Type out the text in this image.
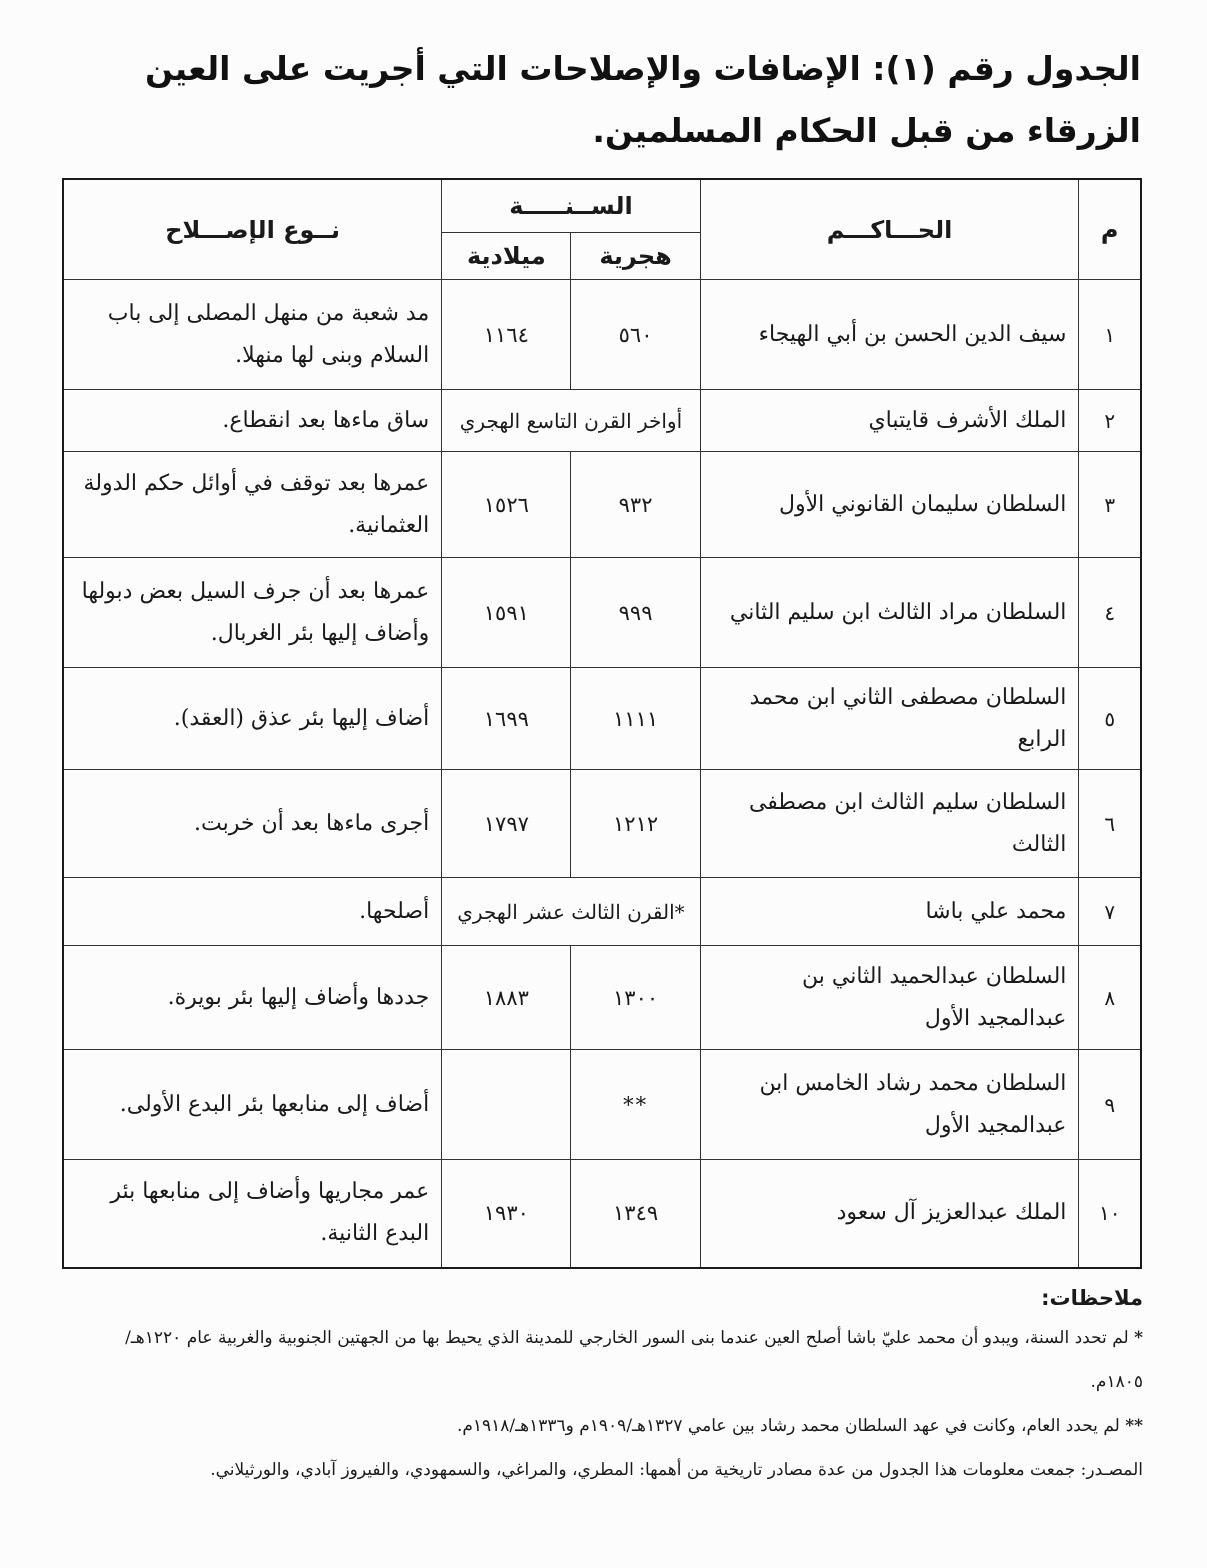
الجدول رقم (١): الإضافات والإصلاحات التي أجريت على العين الزرقاء من قبل الحكام المسلمين.
م	الحـــاكـــم	الســنـــــة		نــوع الإصـــلاح
		هجرية	ميلادية	
١	سيف الدين الحسن بن أبي الهيجاء	٥٦٠	١١٦٤	مد شعبة من منهل المصلى إلى باب السلام وبنى لها منهلا.
٢	الملك الأشرف قايتباي	أواخر القرن التاسع الهجري		ساق ماءها بعد انقطاع.
٣	السلطان سليمان القانوني الأول	٩٣٢	١٥٢٦	عمرها بعد توقف في أوائل حكم الدولة العثمانية.
٤	السلطان مراد الثالث ابن سليم الثاني	٩٩٩	١٥٩١	عمرها بعد أن جرف السيل بعض دبولها وأضاف إليها بئر الغربال.
٥	السلطان مصطفى الثاني ابن محمد الرابع	١١١١	١٦٩٩	أضاف إليها بئر عذق (العقد).
٦	السلطان سليم الثالث ابن مصطفى الثالث	١٢١٢	١٧٩٧	أجرى ماءها بعد أن خربت.
٧	محمد علي باشا	*القرن الثالث عشر الهجري		أصلحها.
٨	السلطان عبدالحميد الثاني بن عبدالمجيد الأول	١٣٠٠	١٨٨٣	جددها وأضاف إليها بئر بويرة.
٩	السلطان محمد رشاد الخامس ابن عبدالمجيد الأول	**		أضاف إلى منابعها بئر البدع الأولى.
١٠	الملك عبدالعزيز آل سعود	١٣٤٩	١٩٣٠	عمر مجاريها وأضاف إلى منابعها بئر البدع الثانية.
ملاحظات:
* لم تحدد السنة، ويبدو أن محمد عليّ باشا أصلح العين عندما بنى السور الخارجي للمدينة الذي يحيط بها من الجهتين الجنوبية والغربية عام ١٢٢٠هـ/١٨٠٥م.
** لم يحدد العام، وكانت في عهد السلطان محمد رشاد بين عامي ١٣٢٧هـ/١٩٠٩م و١٣٣٦هـ/١٩١٨م.
المصـدر: جمعت معلومات هذا الجدول من عدة مصادر تاريخية من أهمها: المطري، والمراغي، والسمهودي، والفيروز آبادي، والورثيلاني.
